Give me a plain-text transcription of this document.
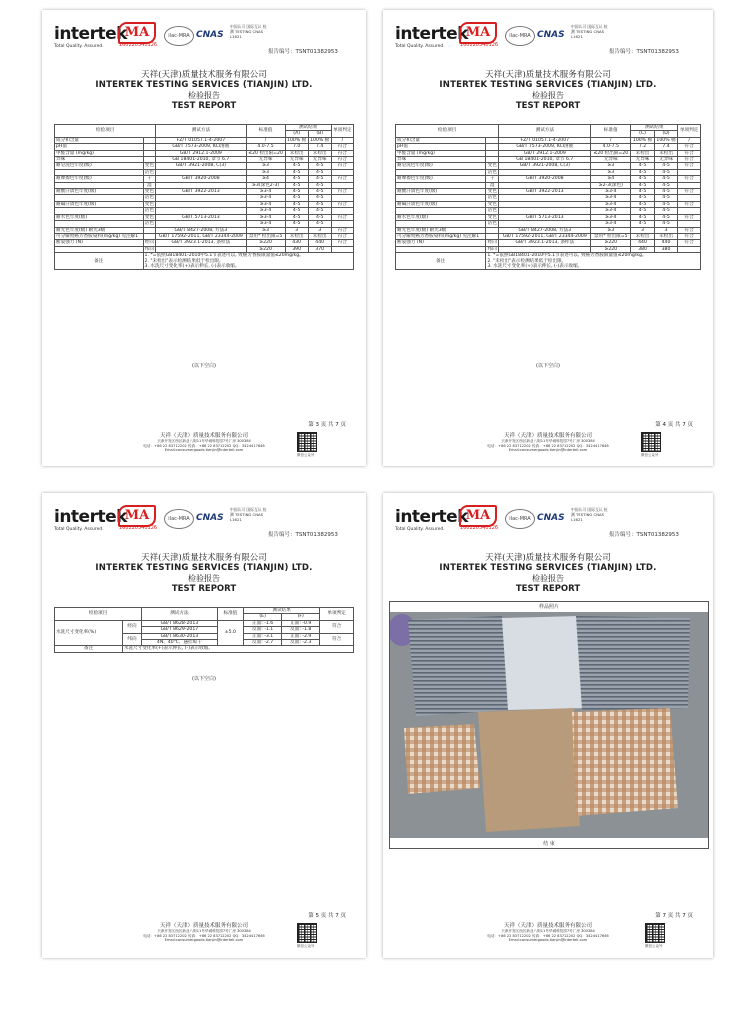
intertek
Total Quality. Assured.
MA
160220340126
ilac-MRA CNAS
中国认可 国际互认 检测 TESTING CNAS L1621
报告编号：TSNT01382953
天祥(天津)质量技术服务有限公司
INTERTEK TESTING SERVICES (TIANJIN) LTD.
检验报告
TEST REPORT
检验项目		测试方法	标准值	测试结果		单项判定
				(A)	(B)	
成分和含量		FZ/T 01057.1-4-2007	/	100% 棉	100% 棉	/
pH值		GB/T 7573-2009, KCl溶液	4.0-7.5	7.0	7.4	符合
甲醛含量 (mg/kg)		GB/T 2912.1-2009	≤20 检出限=20	未检出	未检出	符合
异味		GB 18401-2010, 章节 6.7	无异味	无异味	无异味	符合
耐皂洗色牢度(级)	变色	GB/T 3921-2008, C(3)	≥3	4-5	4-5	符合
	沾色		≥3	4-5	4-5	
耐摩擦色牢度(级)	干	GB/T 3920-2008	≥4	4-5	4-5	符合
	湿		≥3(深色2-3)	4-5	4-5	
耐酸汗渍色牢度(级)	变色	GB/T 3922-2013	≥3-4	4-5	4-5	符合
	沾色		≥3-4	4-5	4-5	
耐碱汗渍色牢度(级)	变色		≥3-4	4-5	4-5	符合
	沾色		≥3-4	4-5	4-5	
耐水色牢度(级)	变色	GB/T 5713-2013	≥3-4	4-5	4-5	符合
	沾色		≥3-4	4-5	4-5	
耐光色牢度(级) 耐光3级		GB/T 8427-2008, 方法3	≥3	3	3	符合
可分解致癌芳香胺染料(mg/kg) 见注解1		GB/T 17592-2011, GB/T 23344-2009	禁用* 检出限=5	未检出	未检出	符合
断裂强力 (N)	经向	GB/T 3923.1-2013, 条样法	≥220	430	440	符合
	纬向		≥220	390	370	
备注	1. *=依照GB18401-2010中5.1节表述可以, 致癌芳香胺限量值≤20mg/kg。
2. "未检出"表示检测结果低于检出限。
3. 水洗尺寸变化率(+)表示伸长, (-)表示收缩。					
(以下空白)
第 3 页 共 7 页
天祥（天津）质量技术服务有限公司
天津开发区西区新业八街11号华诚科技园7号厂房 300384
电话：+86 22 83712202 传真：+86 22 83712202 QQ：3424417646
Email:consumergoods.tianjin@intertek.com
微信公众号
intertek
Total Quality. Assured.
MA
160220340126
ilac-MRA CNAS
中国认可 国际互认 检测 TESTING CNAS L1621
报告编号：TSNT01382953
天祥(天津)质量技术服务有限公司
INTERTEK TESTING SERVICES (TIANJIN) LTD.
检验报告
TEST REPORT
检验项目		测试方法	标准值	测试结果		单项判定
				(C)	(D)	
成分和含量		FZ/T 01057.1-4-2007	/	100% 棉	100% 棉	/
pH值		GB/T 7573-2009, KCl溶液	4.0-7.5	7.2	7.4	符合
甲醛含量 (mg/kg)		GB/T 2912.1-2009	≤20 检出限=20	未检出	未检出	符合
异味		GB 18401-2010, 章节 6.7	无异味	无异味	无异味	符合
耐皂洗色牢度(级)	变色	GB/T 3921-2008, C(3)	≥3	4-5	4-5	符合
	沾色		≥3	4-5	4-5	
耐摩擦色牢度(级)	干	GB/T 3920-2008	≥4	4-5	4-5	符合
	湿		≥2-3(深色)	4-5	4-5	
耐酸汗渍色牢度(级)	变色	GB/T 3922-2013	≥3-4	4-5	4-5	符合
	沾色		≥3-4	4-5	4-5	
耐碱汗渍色牢度(级)	变色		≥3-4	4-5	4-5	符合
	沾色		≥3-4	4-5	4-5	
耐水色牢度(级)	变色	GB/T 5713-2013	≥3-4	4-5	4-5	符合
	沾色		≥3-4	4-5	4-5	
耐光色牢度(级) 耐光3级		GB/T 8427-2008, 方法3	≥3	3	3	符合
可分解致癌芳香胺染料(mg/kg) 见注解1		GB/T 17592-2011, GB/T 23344-2009	禁用* 检出限=5	未检出	未检出	符合
断裂强力 (N)	经向	GB/T 3923.1-2013, 条样法	≥220	440	440	符合
	纬向		≥220	380	380	
备注	1. *=依照GB18401-2010中5.1节表述可以, 致癌芳香胺限量值≤20mg/kg。
2. "未检出"表示检测结果低于检出限。
3. 水洗尺寸变化率(+)表示伸长, (-)表示收缩。					
(以下空白)
第 4 页 共 7 页
天祥（天津）质量技术服务有限公司
天津开发区西区新业八街11号华诚科技园7号厂房 300384
电话：+86 22 83712202 传真：+86 22 83712202 QQ：3424417646
Email:consumergoods.tianjin@intertek.com
微信公众号
intertek
Total Quality. Assured.
MA
160220340126
ilac-MRA CNAS
中国认可 国际互认 检测 TESTING CNAS L1621
报告编号：TSNT01382953
天祥(天津)质量技术服务有限公司
INTERTEK TESTING SERVICES (TIANJIN) LTD.
检验报告
TEST REPORT
检验项目		测试方法	标准值	测试结果		单项判定
				(E)	(F)	
水洗尺寸变化率(%)	经向	GB/T 8628-2013	±5.0	正面: -1.6	正面: -0.9	符合
		GB/T 8629-2017		反面: -1.1	反面: -1.8	
	纬向	GB/T 8630-2013		正面: -3.1	正面: -2.9	符合
		4N、40℃、悬挂晾干		反面: -2.7	反面: -2.3	
备注	水洗尺寸变化率(+)表示伸长, (-)表示收缩。					
(以下空白)
第 5 页 共 7 页
天祥（天津）质量技术服务有限公司
天津开发区西区新业八街11号华诚科技园7号厂房 300384
电话：+86 22 83712202 传真：+86 22 83712202 QQ：3424417646
Email:consumergoods.tianjin@intertek.com
微信公众号
intertek
Total Quality. Assured.
MA
160220340126
ilac-MRA CNAS
中国认可 国际互认 检测 TESTING CNAS L1621
报告编号：TSNT01382953
天祥(天津)质量技术服务有限公司
INTERTEK TESTING SERVICES (TIANJIN) LTD.
检验报告
TEST REPORT
样品照片
结 束
第 7 页 共 7 页
天祥（天津）质量技术服务有限公司
天津开发区西区新业八街11号华诚科技园7号厂房 300384
电话：+86 22 83712202 传真：+86 22 83712202 QQ：3424417646
Email:consumergoods.tianjin@intertek.com
微信公众号
